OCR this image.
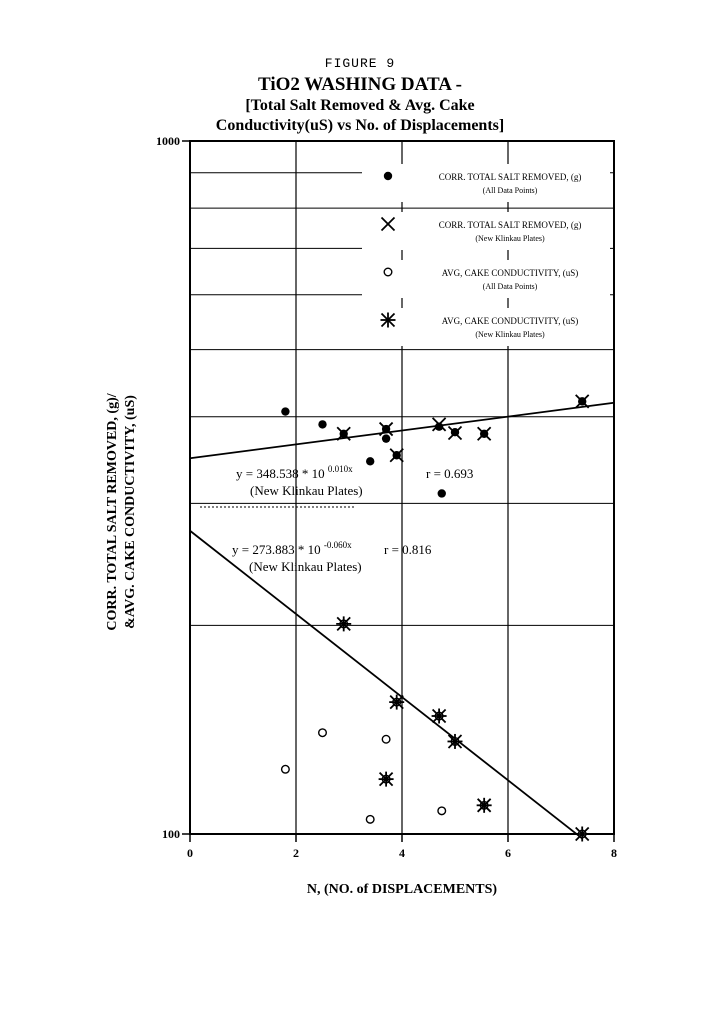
FIGURE 9
TiO2 WASHING DATA -
[Total Salt Removed & Avg. Cake
Conductivity(uS) vs No. of Displacements]
0	2	4	6	8
100
1000
CORR. TOTAL SALT REMOVED, (g)
(All Data Points)
CORR. TOTAL SALT REMOVED, (g)
(New Klinkau Plates)
AVG, CAKE CONDUCTIVITY, (uS)
(All Data Points)
AVG, CAKE CONDUCTIVITY, (uS)
(New Klinkau Plates)
y = 348.538 * 10 $^{0.010x}$	r = 0.693
(New Klinkau Plates)
y = 273.883 * 10 $^{-0.060x}$ r = 0.816
(New Klinkau Plates)
N, (NO. of DISPLACEMENTS)
CORR. TOTAL SALT REMOVED, (g)/ &AVG. CAKE CONDUCTIVITY, (uS)
